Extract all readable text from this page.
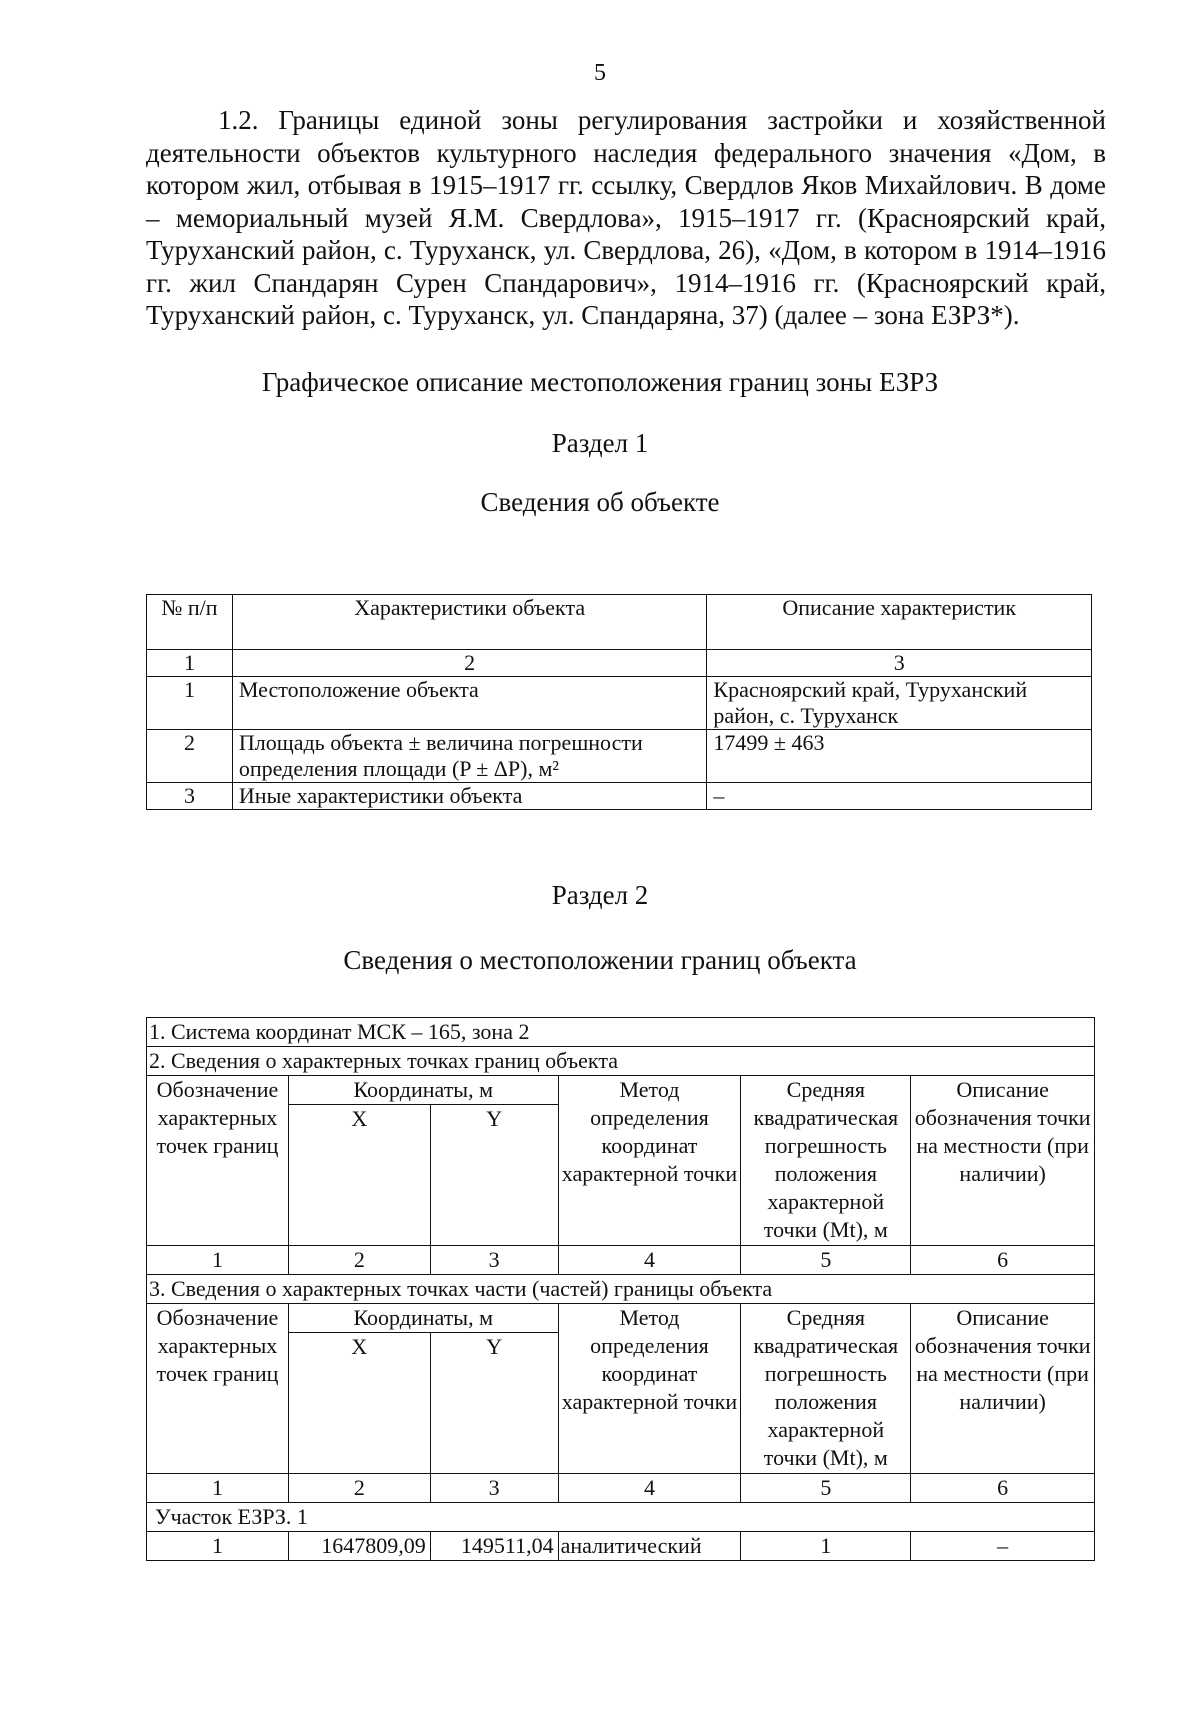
5

1.2. Границы единой зоны регулирования застройки и хозяйственной деятельности объектов культурного наследия федерального значения «Дом, в котором жил, отбывая в 1915–1917 гг. ссылку, Свердлов Яков Михайлович. В доме – мемориальный музей Я.М. Свердлова», 1915–1917 гг. (Красноярский край, Туруханский район, с. Туруханск, ул. Свердлова, 26), «Дом, в котором в 1914–1916 гг. жил Спандарян Сурен Спандарович», 1914–1916 гг. (Красноярский край, Туруханский район, с. Туруханск, ул. Спандаряна, 37) (далее – зона ЕЗРЗ*).

Графическое описание местоположения границ зоны ЕЗРЗ
Раздел 1
Сведения об объекте
№ п/п	Характеристики объекта	Описание характеристик
1	2	3
1	Местоположение объекта	Красноярский край, Туруханский район, с. Туруханск
2	Площадь объекта ± величина погрешности определения площади (P ± ΔP), м²	17499 ± 463
3	Иные характеристики объекта	–
Раздел 2
Сведения о местоположении границ объекта
1. Система координат МСК – 165, зона 2					
2. Сведения о характерных точках границ объекта					
Обозначение характерных точек границ	Координаты, м		Метод определения координат характерной точки	Средняя квадратическая погрешность положения характерной точки (Mt), м	Описание обозначения точки на местности (при наличии)
	X	Y			
1	2	3	4	5	6
3. Сведения о характерных точках части (частей) границы объекта					
Обозначение характерных точек границ	Координаты, м		Метод определения координат характерной точки	Средняя квадратическая погрешность положения характерной точки (Mt), м	Описание обозначения точки на местности (при наличии)
	X	Y			
1	2	3	4	5	6
Участок ЕЗРЗ. 1					
1	1647809,09	149511,04	аналитический	1	–
